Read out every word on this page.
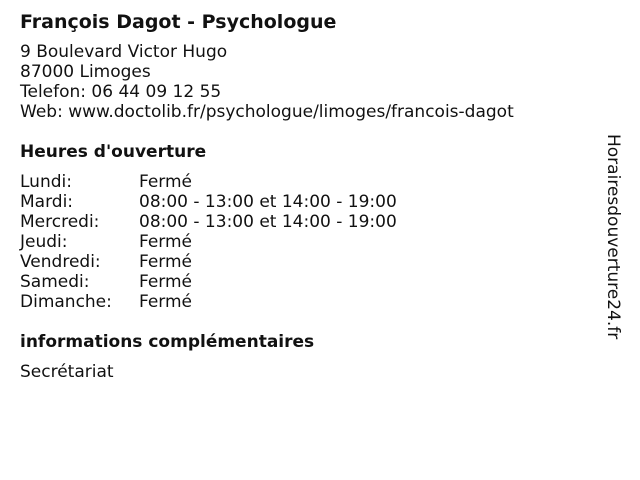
François Dagot - Psychologue
9 Boulevard Victor Hugo
87000 Limoges
Telefon: 06 44 09 12 55
Web: www.doctolib.fr/psychologue/limoges/francois-dagot
Heures d'ouverture
Lundi:	Fermé
Mardi:	08:00 - 13:00 et 14:00 - 19:00
Mercredi:	08:00 - 13:00 et 14:00 - 19:00
Jeudi:	Fermé
Vendredi:	Fermé
Samedi:	Fermé
Dimanche:	Fermé
informations complémentaires
Secrétariat
Horairesdouverture24.fr
